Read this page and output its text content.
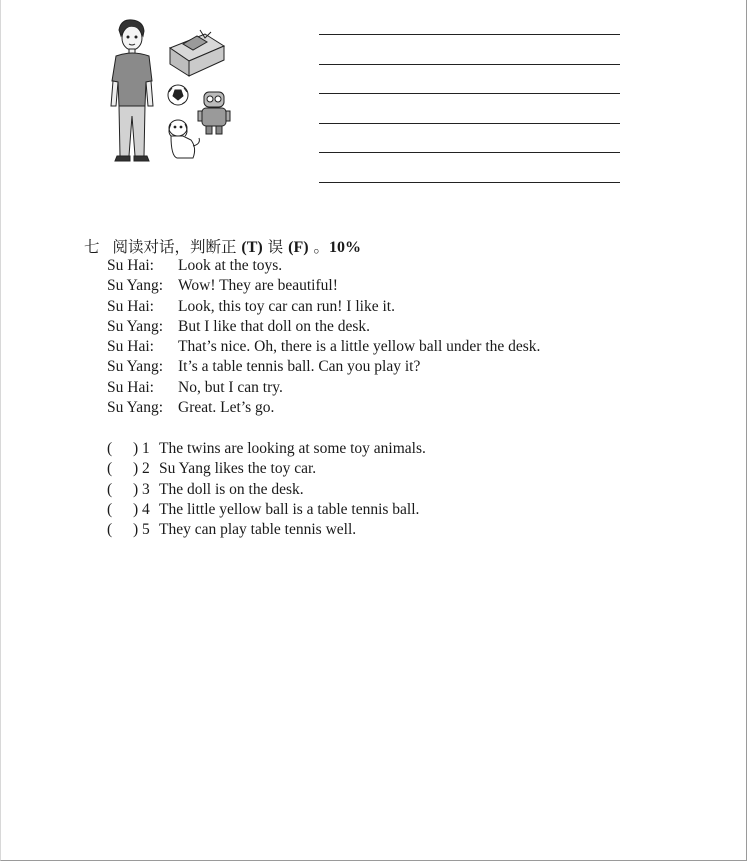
七 阅读对话，判断正 (T) 误 (F) 。10%
Su Hai:	Look at the toys.
Su Yang: Wow! They are beautiful!
Su Hai:	Look, this toy car can run! I like it.
Su Yang: But I like that doll on the desk.
Su Hai:	That’s nice. Oh, there is a little yellow ball under the desk.
Su Yang: It’s a table tennis ball. Can you play it?
Su Hai:	No, but I can try.
Su Yang: Great. Let’s go.
(	) 1 The twins are looking at some toy animals.
(	) 2 Su Yang likes the toy car.
(	) 3 The doll is on the desk.
(	) 4 The little yellow ball is a table tennis ball.
(	) 5 They can play table tennis well.
